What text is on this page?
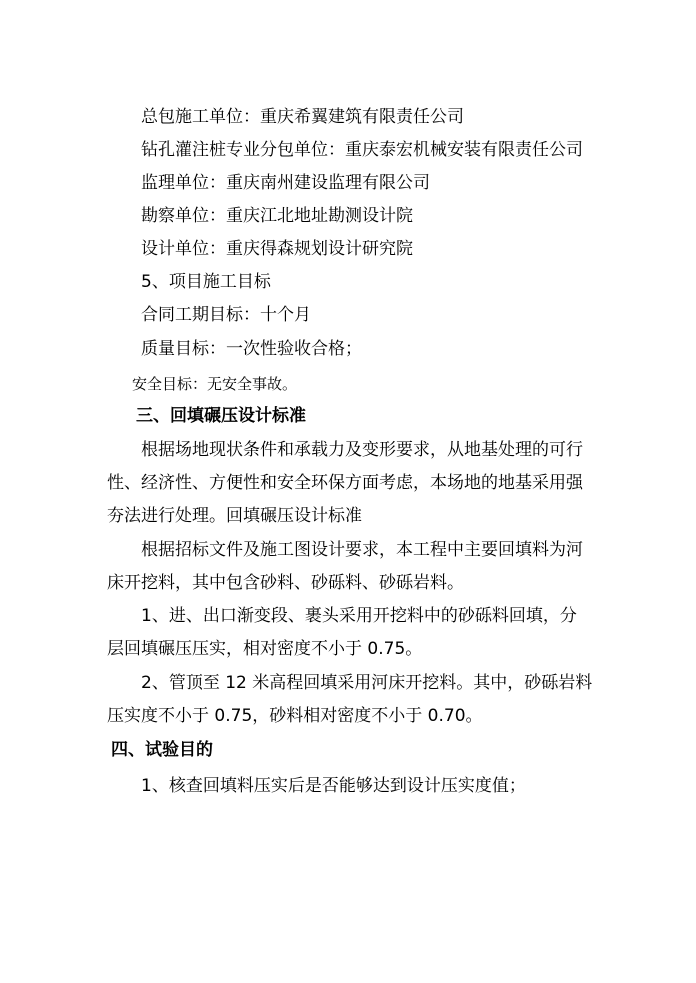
总包施工单位：重庆希翼建筑有限责任公司
钻孔灌注桩专业分包单位：重庆泰宏机械安装有限责任公司
监理单位：重庆南州建设监理有限公司
勘察单位：重庆江北地址勘测设计院
设计单位：重庆得森规划设计研究院
5、项目施工目标
合同工期目标：十个月
质量目标：一次性验收合格；
安全目标：无安全事故。
三、回填碾压设计标准
根据场地现状条件和承载力及变形要求，从地基处理的可行
性、经济性、方便性和安全环保方面考虑，本场地的地基采用强
夯法进行处理。回填碾压设计标准
根据招标文件及施工图设计要求，本工程中主要回填料为河
床开挖料，其中包含砂料、砂砾料、砂砾岩料。
1、进、出口渐变段、裹头采用开挖料中的砂砾料回填，分
层回填碾压压实，相对密度不小于 0.75。
2、管顶至 12 米高程回填采用河床开挖料。其中，砂砾岩料
压实度不小于 0.75，砂料相对密度不小于 0.70。
四、试验目的
1、核查回填料压实后是否能够达到设计压实度值；
